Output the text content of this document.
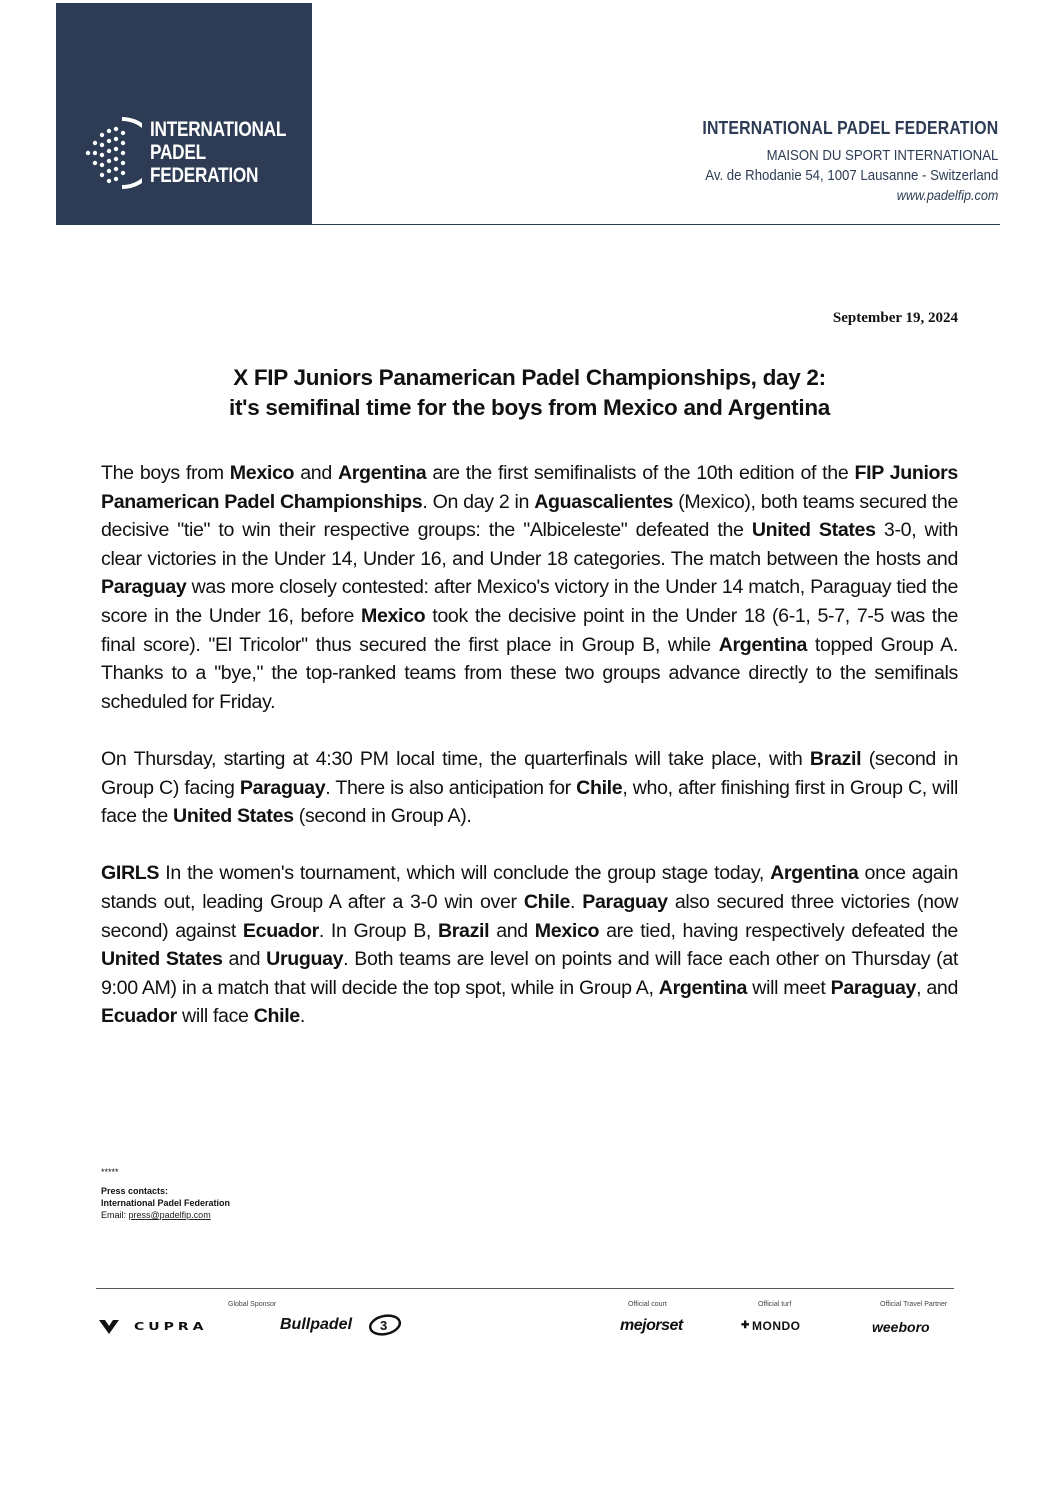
INTERNATIONAL
PADEL
FEDERATION
INTERNATIONAL PADEL FEDERATION
MAISON DU SPORT INTERNATIONAL
Av. de Rhodanie 54, 1007 Lausanne - Switzerland
www.padelfip.com
September 19, 2024
X FIP Juniors Panamerican Padel Championships, day 2:
it's semifinal time for the boys from Mexico and Argentina

The boys from Mexico and Argentina are the first semifinalists of the 10th edition of the FIP Juniors Panamerican Padel Championships. On day 2 in Aguascalientes (Mexico), both teams secured the decisive "tie" to win their respective groups: the "Albiceleste" defeated the United States 3-0, with clear victories in the Under 14, Under 16, and Under 18 categories. The match between the hosts and Paraguay was more closely contested: after Mexico's victory in the Under 14 match, Paraguay tied the score in the Under 16, before Mexico took the decisive point in the Under 18 (6-1, 5-7, 7-5 was the final score). "El Tricolor" thus secured the first place in Group B, while Argentina topped Group A. Thanks to a "bye," the top-ranked teams from these two groups advance directly to the semifinals scheduled for Friday.

On Thursday, starting at 4:30 PM local time, the quarterfinals will take place, with Brazil (second in Group C) facing Paraguay. There is also anticipation for Chile, who, after finishing first in Group C, will face the United States (second in Group A).

GIRLS In the women's tournament, which will conclude the group stage today, Argentina once again stands out, leading Group A after a 3-0 win over Chile. Paraguay also secured three victories (now second) against Ecuador. In Group B, Brazil and Mexico are tied, having respectively defeated the United States and Uruguay. Both teams are level on points and will face each other on Thursday (at 9:00 AM) in a match that will decide the top spot, while in Group A, Argentina will meet Paraguay, and Ecuador will face Chile.

*****
Press contacts:
International Padel Federation
Email: press@padelfip.com
Global Sponsor
CUPRA	Bullpadel 3
Official court
mejorset
Official turf
✚ MONDO
Official Travel Partner
weeboro
